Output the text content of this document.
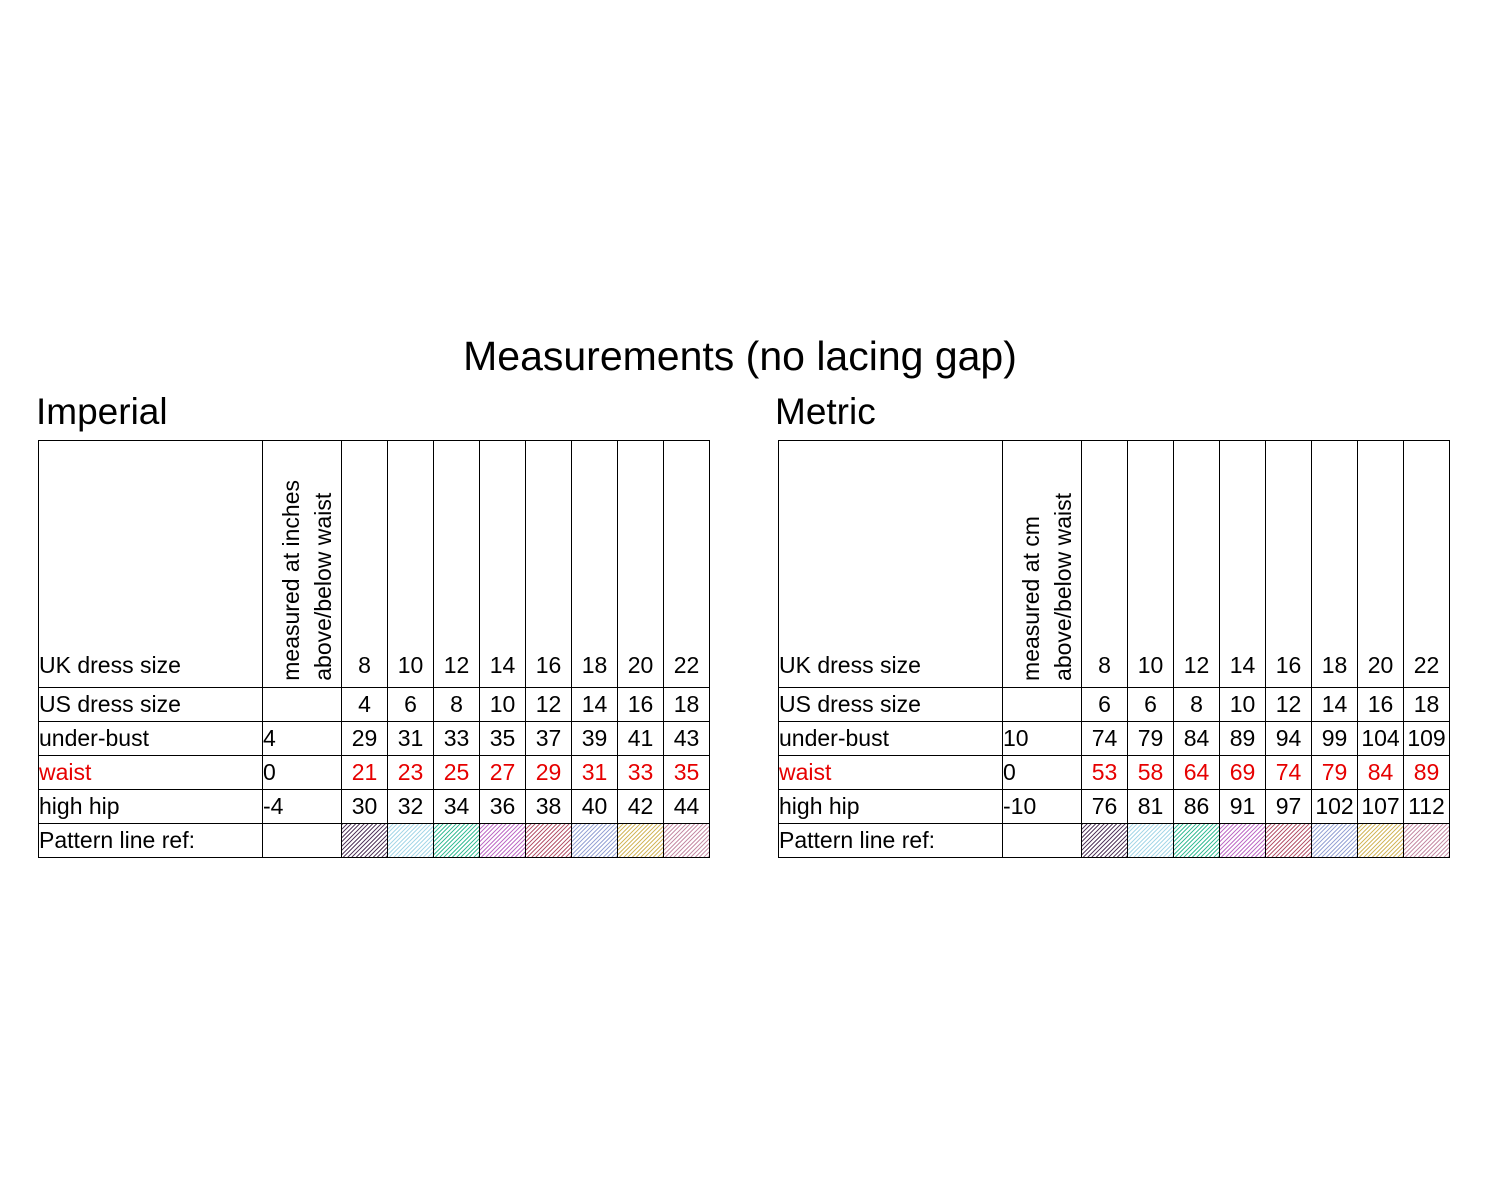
Measurements (no lacing gap)
Imperial	Metric
UK dress size	measured at inches above/below waist	8	10	12	14	16	18	20	22
US dress size		4	6	8	10	12	14	16	18
under-bust	4	29	31	33	35	37	39	41	43
waist	0	21	23	25	27	29	31	33	35
high hip	-4	30	32	34	36	38	40	42	44
Pattern line ref:		

UK dress size	measured at cm above/below waist	8	10	12	14	16	18	20	22
US dress size		6	6	8	10	12	14	16	18
under-bust	10	74	79	84	89	94	99	104	109
waist	0	53	58	64	69	74	79	84	89
high hip	-10	76	81	86	91	97	102	107	112
Pattern line ref:		
